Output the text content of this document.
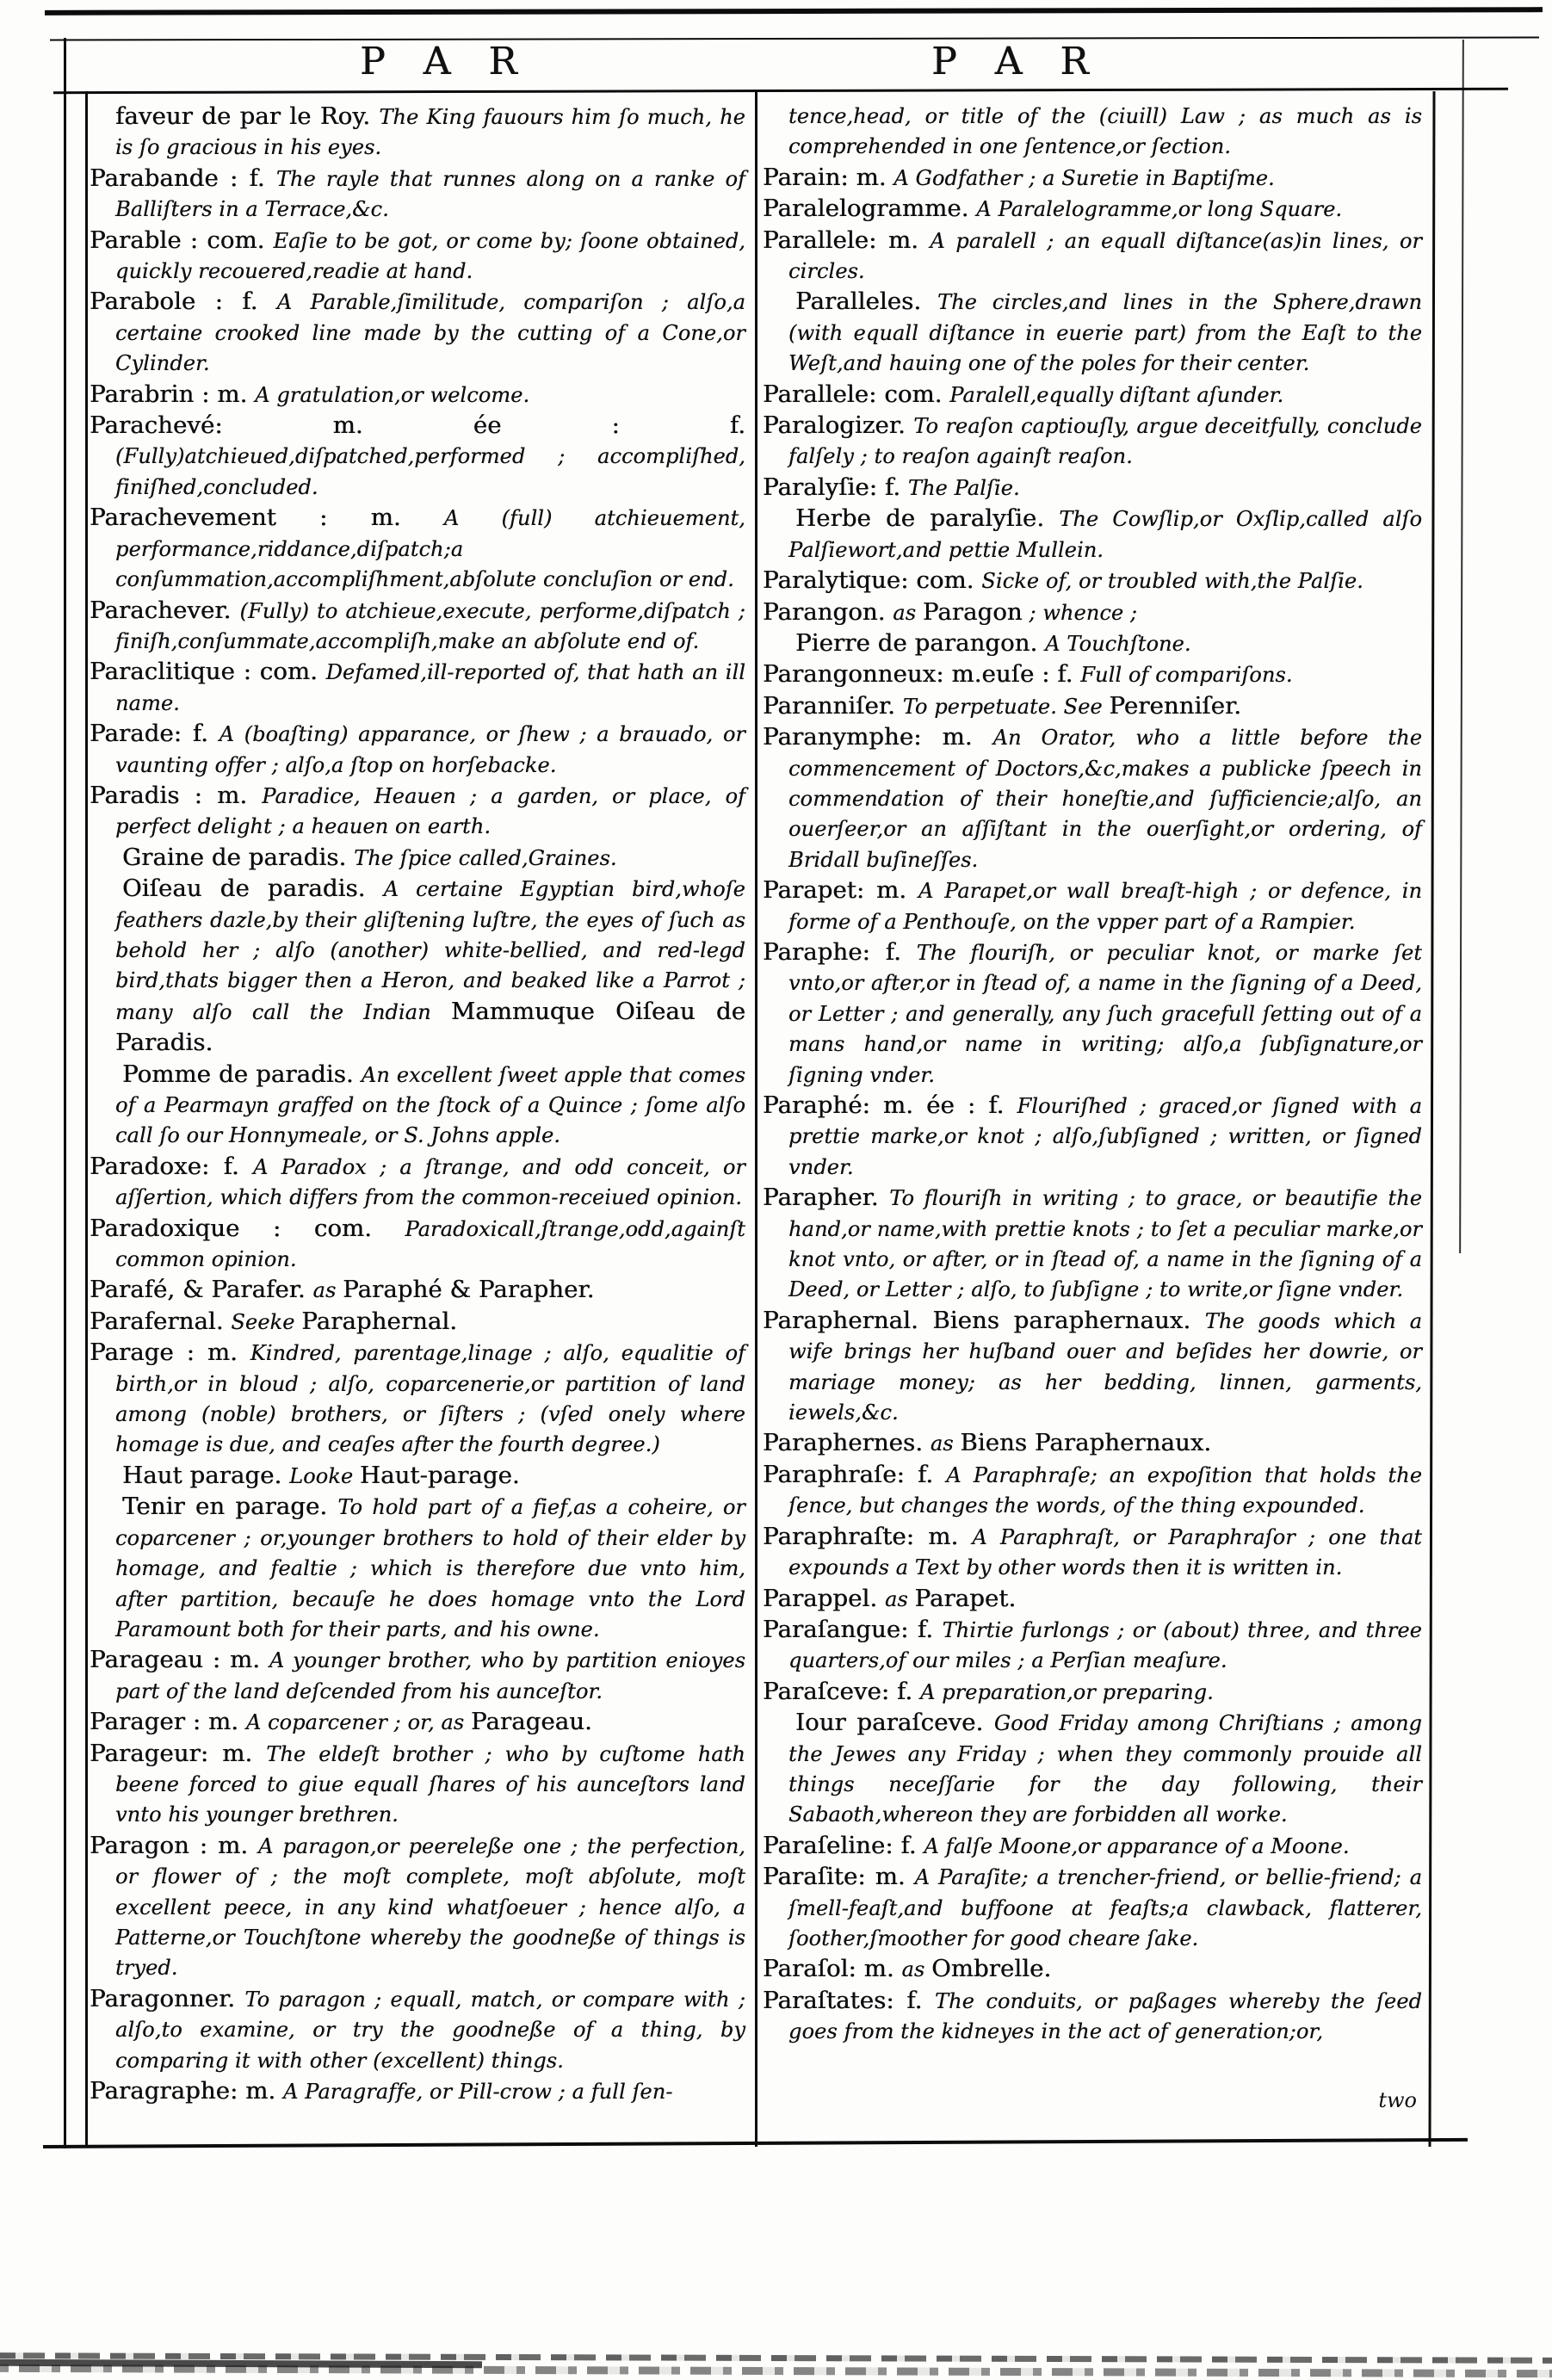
P A R	P A R

faveur de par le Roy. The King fauours him ſo much, he is ſo gracious in his eyes.

Parabande : f. The rayle that runnes along on a ranke of Balliſters in a Terrace,&c.

Parable : com. Eaſie to be got, or come by; ſoone obtained, quickly recouered,readie at hand.

Parabole : f. A Parable,ſimilitude, compariſon ; alſo,a certaine crooked line made by the cutting of a Cone,or Cylinder.

Parabrin : m. A gratulation,or welcome.

Parachevé: m. ée : f. (Fully)atchieued,diſpatched,performed ; accompliſhed, finiſhed,concluded.

Parachevement : m. A (full) atchieuement, performance,riddance,diſpatch;a conſummation,accompliſhment,abſolute concluſion or end.

Parachever. (Fully) to atchieue,execute, performe,diſpatch ; finiſh,conſummate,accompliſh,make an abſolute end of.

Paraclitique : com. Defamed,ill-reported of, that hath an ill name.

Parade: f. A (boaſting) apparance, or ſhew ; a brauado, or vaunting offer ; alſo,a ſtop on horſebacke.

Paradis : m. Paradice, Heauen ; a garden, or place, of perfect delight ; a heauen on earth.

Graine de paradis. The ſpice called,Graines.

Oiſeau de paradis. A certaine Egyptian bird,whoſe feathers dazle,by their gliſtening luſtre, the eyes of ſuch as behold her ; alſo (another) white-bellied, and red-legd bird,thats bigger then a Heron, and beaked like a Parrot ; many alſo call the Indian Mammuque Oiſeau de Paradis.

Pomme de paradis. An excellent ſweet apple that comes of a Pearmayn graffed on the ſtock of a Quince ; ſome alſo call ſo our Honnymeale, or S. Johns apple.

Paradoxe: f. A Paradox ; a ſtrange, and odd conceit, or aſſertion, which differs from the common-receiued opinion.

Paradoxique : com. Paradoxicall,ſtrange,odd,againſt common opinion.

Parafé, & Parafer. as Paraphé & Parapher.

Parafernal. Seeke Paraphernal.

Parage : m. Kindred, parentage,linage ; alſo, equalitie of birth,or in bloud ; alſo, coparcenerie,or partition of land among (noble) brothers, or ſiſters ; (vſed onely where homage is due, and ceaſes after the fourth degree.)

Haut parage. Looke Haut-parage.

Tenir en parage. To hold part of a fief,as a coheire, or coparcener ; or,younger brothers to hold of their elder by homage, and fealtie ; which is therefore due vnto him, after partition, becauſe he does homage vnto the Lord Paramount both for their parts, and his owne.

Parageau : m. A younger brother, who by partition enioyes part of the land deſcended from his aunceſtor.

Parager : m. A coparcener ; or, as Parageau.

Parageur: m. The eldeſt brother ; who by cuſtome hath beene forced to giue equall ſhares of his aunceſtors land vnto his younger brethren.

Paragon : m. A paragon,or peereleße one ; the perfection, or flower of ; the moſt complete, moſt abſolute, moſt excellent peece, in any kind whatſoeuer ; hence alſo, a Patterne,or Touchſtone whereby the goodneße of things is tryed.

Paragonner. To paragon ; equall, match, or compare with ; alſo,to examine, or try the goodneße of a thing, by comparing it with other (excellent) things.

Paragraphe: m. A Paragraffe, or Pill-crow ; a full ſen-

tence,head, or title of the (ciuill) Law ; as much as is comprehended in one ſentence,or ſection.

Parain: m. A Godfather ; a Suretie in Baptiſme.

Paralelogramme. A Paralelogramme,or long Square.

Parallele: m. A paralell ; an equall diſtance(as)in lines, or circles.

Paralleles. The circles,and lines in the Sphere,drawn (with equall diſtance in euerie part) from the Eaſt to the Weſt,and hauing one of the poles for their center.

Parallele: com. Paralell,equally diſtant aſunder.

Paralogizer. To reaſon captiouſly, argue deceitfully, conclude falſely ; to reaſon againſt reaſon.

Paralyſie: f. The Palſie.

Herbe de paralyſie. The Cowſlip,or Oxſlip,called alſo Palſiewort,and pettie Mullein.

Paralytique: com. Sicke of, or troubled with,the Palſie.

Parangon. as Paragon ; whence ;

Pierre de parangon. A Touchſtone.

Parangonneux: m.euſe : f. Full of compariſons.

Paranniſer. To perpetuate. See Perenniſer.

Paranymphe: m. An Orator, who a little before the commencement of Doctors,&c,makes a publicke ſpeech in commendation of their honeſtie,and ſufficiencie;alſo, an ouerſeer,or an aſſiſtant in the ouerſight,or ordering, of Bridall buſineſſes.

Parapet: m. A Parapet,or wall breaſt-high ; or defence, in forme of a Penthouſe, on the vpper part of a Rampier.

Paraphe: f. The flouriſh, or peculiar knot, or marke ſet vnto,or after,or in ſtead of, a name in the ſigning of a Deed, or Letter ; and generally, any ſuch gracefull ſetting out of a mans hand,or name in writing; alſo,a ſubſignature,or ſigning vnder.

Paraphé: m. ée : f. Flouriſhed ; graced,or ſigned with a prettie marke,or knot ; alſo,ſubſigned ; written, or ſigned vnder.

Parapher. To flouriſh in writing ; to grace, or beautifie the hand,or name,with prettie knots ; to ſet a peculiar marke,or knot vnto, or after, or in ſtead of, a name in the ſigning of a Deed, or Letter ; alſo, to ſubſigne ; to write,or ſigne vnder.

Paraphernal. Biens paraphernaux. The goods which a wife brings her huſband ouer and beſides her dowrie, or mariage money; as her bedding, linnen, garments, iewels,&c.

Paraphernes. as Biens Paraphernaux.

Paraphraſe: f. A Paraphraſe; an expoſition that holds the ſence, but changes the words, of the thing expounded.

Paraphraſte: m. A Paraphraſt, or Paraphraſor ; one that expounds a Text by other words then it is written in.

Parappel. as Parapet.

Paraſangue: f. Thirtie furlongs ; or (about) three, and three quarters,of our miles ; a Perſian meaſure.

Paraſceve: f. A preparation,or preparing.

Iour paraſceve. Good Friday among Chriſtians ; among the Jewes any Friday ; when they commonly prouide all things neceſſarie for the day following, their Sabaoth,whereon they are forbidden all worke.

Paraſeline: f. A falſe Moone,or apparance of a Moone.

Paraſite: m. A Paraſite; a trencher-friend, or bellie-friend; a ſmell-feaſt,and buffoone at feaſts;a clawback, flatterer, ſoother,ſmoother for good cheare ſake.

Paraſol: m. as Ombrelle.

Paraſtates: f. The conduits, or paßages whereby the ſeed goes from the kidneyes in the act of generation;or,

two
